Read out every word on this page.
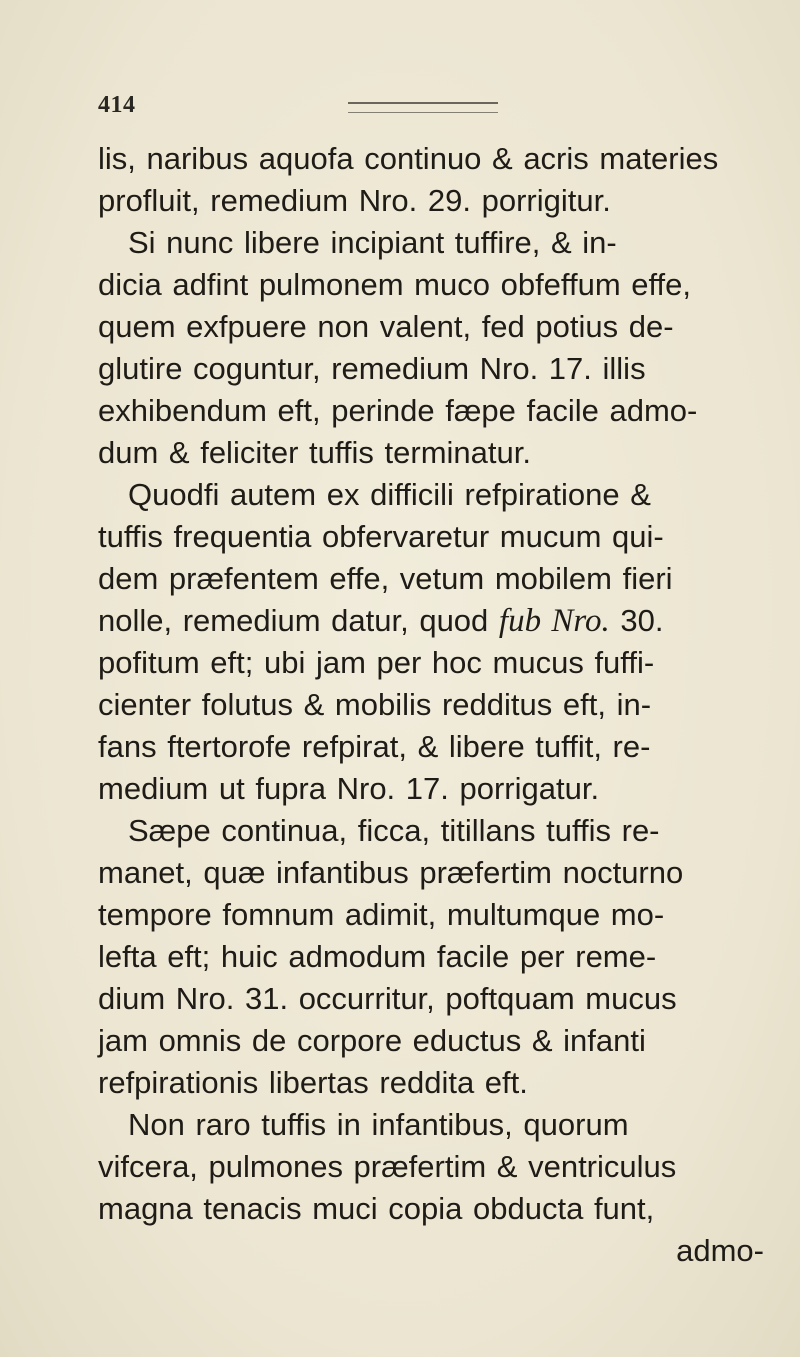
414
lis, naribus aquofa continuo & acris materies
profluit, remedium Nro. 29. porrigitur.
Si nunc libere incipiant tuffire, & in-
dicia adfint pulmonem muco obfeffum effe,
quem exfpuere non valent, fed potius de-
glutire coguntur, remedium Nro. 17. illis
exhibendum eft, perinde fæpe facile admo-
dum & feliciter tuffis terminatur.
Quodfi autem ex difficili refpiratione &
tuffis frequentia obfervaretur mucum qui-
dem præfentem effe, vetum mobilem fieri
nolle, remedium datur, quod fub Nro. 30.
pofitum eft; ubi jam per hoc mucus fuffi-
cienter folutus & mobilis redditus eft, in-
fans ftertorofe refpirat, & libere tuffit, re-
medium ut fupra Nro. 17. porrigatur.
Sæpe continua, ficca, titillans tuffis re-
manet, quæ infantibus præfertim nocturno
tempore fomnum adimit, multumque mo-
lefta eft; huic admodum facile per reme-
dium Nro. 31. occurritur, poftquam mucus
jam omnis de corpore eductus & infanti
refpirationis libertas reddita eft.
Non raro tuffis in infantibus, quorum
vifcera, pulmones præfertim & ventriculus
magna tenacis muci copia obducta funt,
admo-
